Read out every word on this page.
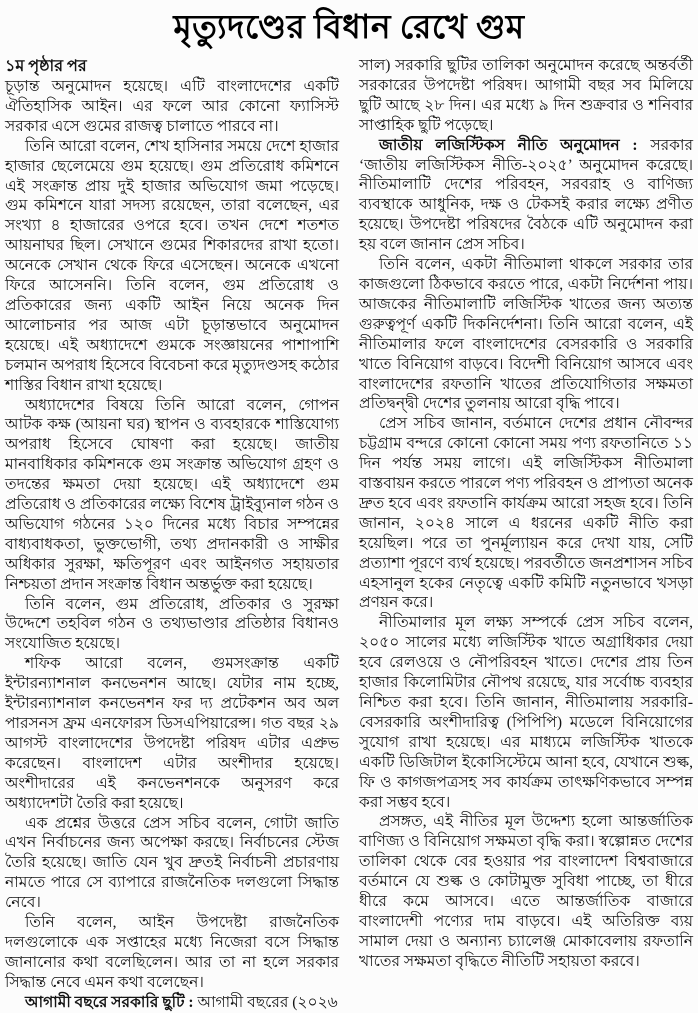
মৃত্যুদণ্ডের বিধান রেখে গুম
১ম পৃষ্ঠার পর

চূড়ান্ত অনুমোদন হয়েছে। এটি বাংলাদেশের একটি ঐতিহাসিক আইন। এর ফলে আর কোনো ফ্যাসিস্ট সরকার এসে গুমের রাজত্ব চালাতে পারবে না।

তিনি আরো বলেন, শেখ হাসিনার সময়ে দেশে হাজার হাজার ছেলেমেয়ে গুম হয়েছে। গুম প্রতিরোধ কমিশনে এই সংক্রান্ত প্রায় দুই হাজার অভিযোগ জমা পড়েছে। গুম কমিশনে যারা সদস্য রয়েছেন, তারা বলেছেন, এর সংখ্যা ৪ হাজারের ওপরে হবে। তখন দেশে শতশত আয়নাঘর ছিল। সেখানে গুমের শিকারদের রাখা হতো। অনেকে সেখান থেকে ফিরে এসেছেন। অনেকে এখনো ফিরে আসেননি। তিনি বলেন, গুম প্রতিরোধ ও প্রতিকারের জন্য একটি আইন নিয়ে অনেক দিন আলোচনার পর আজ এটা চূড়ান্তভাবে অনুমোদন হয়েছে। এই অধ্যাদেশে গুমকে সংজ্ঞায়নের পাশাপাশি চলমান অপরাধ হিসেবে বিবেচনা করে মৃত্যুদণ্ডসহ কঠোর শাস্তির বিধান রাখা হয়েছে।

অধ্যাদেশের বিষয়ে তিনি আরো বলেন, গোপন আটক কক্ষ (আয়না ঘর) স্থাপন ও ব্যবহারকে শাস্তিযোগ্য অপরাধ হিসেবে ঘোষণা করা হয়েছে। জাতীয় মানবাধিকার কমিশনকে গুম সংক্রান্ত অভিযোগ গ্রহণ ও তদন্তের ক্ষমতা দেয়া হয়েছে। এই অধ্যাদেশে গুম প্রতিরোধ ও প্রতিকারের লক্ষ্যে বিশেষ ট্রাইব্যুনাল গঠন ও অভিযোগ গঠনের ১২০ দিনের মধ্যে বিচার সম্পন্নের বাধ্যবাধকতা, ভুক্তভোগী, তথ্য প্রদানকারী ও সাক্ষীর অধিকার সুরক্ষা, ক্ষতিপূরণ এবং আইনগত সহায়তার নিশ্চয়তা প্রদান সংক্রান্ত বিধান অন্তর্ভুক্ত করা হয়েছে।

তিনি বলেন, গুম প্রতিরোধ, প্রতিকার ও সুরক্ষা উদ্দেশে তহবিল গঠন ও তথ্যভাণ্ডার প্রতিষ্ঠার বিধানও সংযোজিত হয়েছে।

শফিক আরো বলেন, গুমসংক্রান্ত একটি ইন্টারন্যাশনাল কনভেনশন আছে। যেটার নাম হচ্ছে, ইন্টারন্যাশনাল কনভেনশন ফর দ্য প্রটেকশন অব অল পারসনস ফ্রম এনফোরস ডিসএপিয়ারেন্স। গত বছর ২৯ আগস্ট বাংলাদেশের উপদেষ্টা পরিষদ এটার এপ্রুভ করেছেন। বাংলাদেশ এটার অংশীদার হয়েছে। অংশীদারের এই কনভেনশনকে অনুসরণ করে অধ্যাদেশটা তৈরি করা হয়েছে।

এক প্রশ্নের উত্তরে প্রেস সচিব বলেন, গোটা জাতি এখন নির্বাচনের জন্য অপেক্ষা করছে। নির্বাচনের স্টেজ তৈরি হয়েছে। জাতি যেন খুব দ্রুতই নির্বাচনী প্রচারণায় নামতে পারে সে ব্যাপারে রাজনৈতিক দলগুলো সিদ্ধান্ত নেবে।

তিনি বলেন, আইন উপদেষ্টা রাজনৈতিক দলগুলোকে এক সপ্তাহের মধ্যে নিজেরা বসে সিদ্ধান্ত জানানোর কথা বলেছিলেন। আর তা না হলে সরকার সিদ্ধান্ত নেবে এমন কথা বলেছেন।

আগামী বছরে সরকারি ছুটি : আগামী বছরের (২০২৬

সাল) সরকারি ছুটির তালিকা অনুমোদন করেছে অন্তর্বর্তী সরকারের উপদেষ্টা পরিষদ। আগামী বছর সব মিলিয়ে ছুটি আছে ২৮ দিন। এর মধ্যে ৯ দিন শুক্রবার ও শনিবার সাপ্তাহিক ছুটি পড়েছে।

জাতীয় লজিস্টিকস নীতি অনুমোদন : সরকার ‘জাতীয় লজিস্টিকস নীতি-২০২৫’ অনুমোদন করেছে। নীতিমালাটি দেশের পরিবহন, সরবরাহ ও বাণিজ্য ব্যবস্থাকে আধুনিক, দক্ষ ও টেকসই করার লক্ষ্যে প্রণীত হয়েছে। উপদেষ্টা পরিষদের বৈঠকে এটি অনুমোদন করা হয় বলে জানান প্রেস সচিব।

তিনি বলেন, একটা নীতিমালা থাকলে সরকার তার কাজগুলো ঠিকভাবে করতে পারে, একটা নির্দেশনা পায়। আজকের নীতিমালাটি লজিস্টিক খাতের জন্য অত্যন্ত গুরুত্বপূর্ণ একটি দিকনির্দেশনা। তিনি আরো বলেন, এই নীতিমালার ফলে বাংলাদেশের বেসরকারি ও সরকারি খাতে বিনিয়োগ বাড়বে। বিদেশী বিনিয়োগ আসবে এবং বাংলাদেশের রফতানি খাতের প্রতিযোগিতার সক্ষমতা প্রতিদ্বন্দ্বী দেশের তুলনায় আরো বৃদ্ধি পাবে।

প্রেস সচিব জানান, বর্তমানে দেশের প্রধান নৌবন্দর চট্টগ্রাম বন্দরে কোনো কোনো সময় পণ্য রফতানিতে ১১ দিন পর্যন্ত সময় লাগে। এই লজিস্টিকস নীতিমালা বাস্তবায়ন করতে পারলে পণ্য পরিবহন ও প্রাপ্যতা অনেক দ্রুত হবে এবং রফতানি কার্যক্রম আরো সহজ হবে। তিনি জানান, ২০২৪ সালে এ ধরনের একটি নীতি করা হয়েছিল। পরে তা পুনর্মূল্যায়ন করে দেখা যায়, সেটি প্রত্যাশা পূরণে ব্যর্থ হয়েছে। পরবর্তীতে জনপ্রশাসন সচিব এহসানুল হকের নেতৃত্বে একটি কমিটি নতুনভাবে খসড়া প্রণয়ন করে।

নীতিমালার মূল লক্ষ্য সম্পর্কে প্রেস সচিব বলেন, ২০৫০ সালের মধ্যে লজিস্টিক খাতে অগ্রাধিকার দেয়া হবে রেলওয়ে ও নৌপরিবহন খাতে। দেশের প্রায় তিন হাজার কিলোমিটার নৌপথ রয়েছে, যার সর্বোচ্চ ব্যবহার নিশ্চিত করা হবে। তিনি জানান, নীতিমালায় সরকারি-বেসরকারি অংশীদারিত্ব (পিপিপি) মডেলে বিনিয়োগের সুযোগ রাখা হয়েছে। এর মাধ্যমে লজিস্টিক খাতকে একটি ডিজিটাল ইকোসিস্টেমে আনা হবে, যেখানে শুল্ক, ফি ও কাগজপত্রসহ সব কার্যক্রম তাৎক্ষণিকভাবে সম্পন্ন করা সম্ভব হবে।

প্রসঙ্গত, এই নীতির মূল উদ্দেশ্য হলো আন্তর্জাতিক বাণিজ্য ও বিনিয়োগ সক্ষমতা বৃদ্ধি করা। স্বল্পোন্নত দেশের তালিকা থেকে বের হওয়ার পর বাংলাদেশ বিশ্ববাজারে বর্তমানে যে শুল্ক ও কোটামুক্ত সুবিধা পাচ্ছে, তা ধীরে ধীরে কমে আসবে। এতে আন্তর্জাতিক বাজারে বাংলাদেশী পণ্যের দাম বাড়বে। এই অতিরিক্ত ব্যয় সামাল দেয়া ও অন্যান্য চ্যালেঞ্জ মোকাবেলায় রফতানি খাতের সক্ষমতা বৃদ্ধিতে নীতিটি সহায়তা করবে।
